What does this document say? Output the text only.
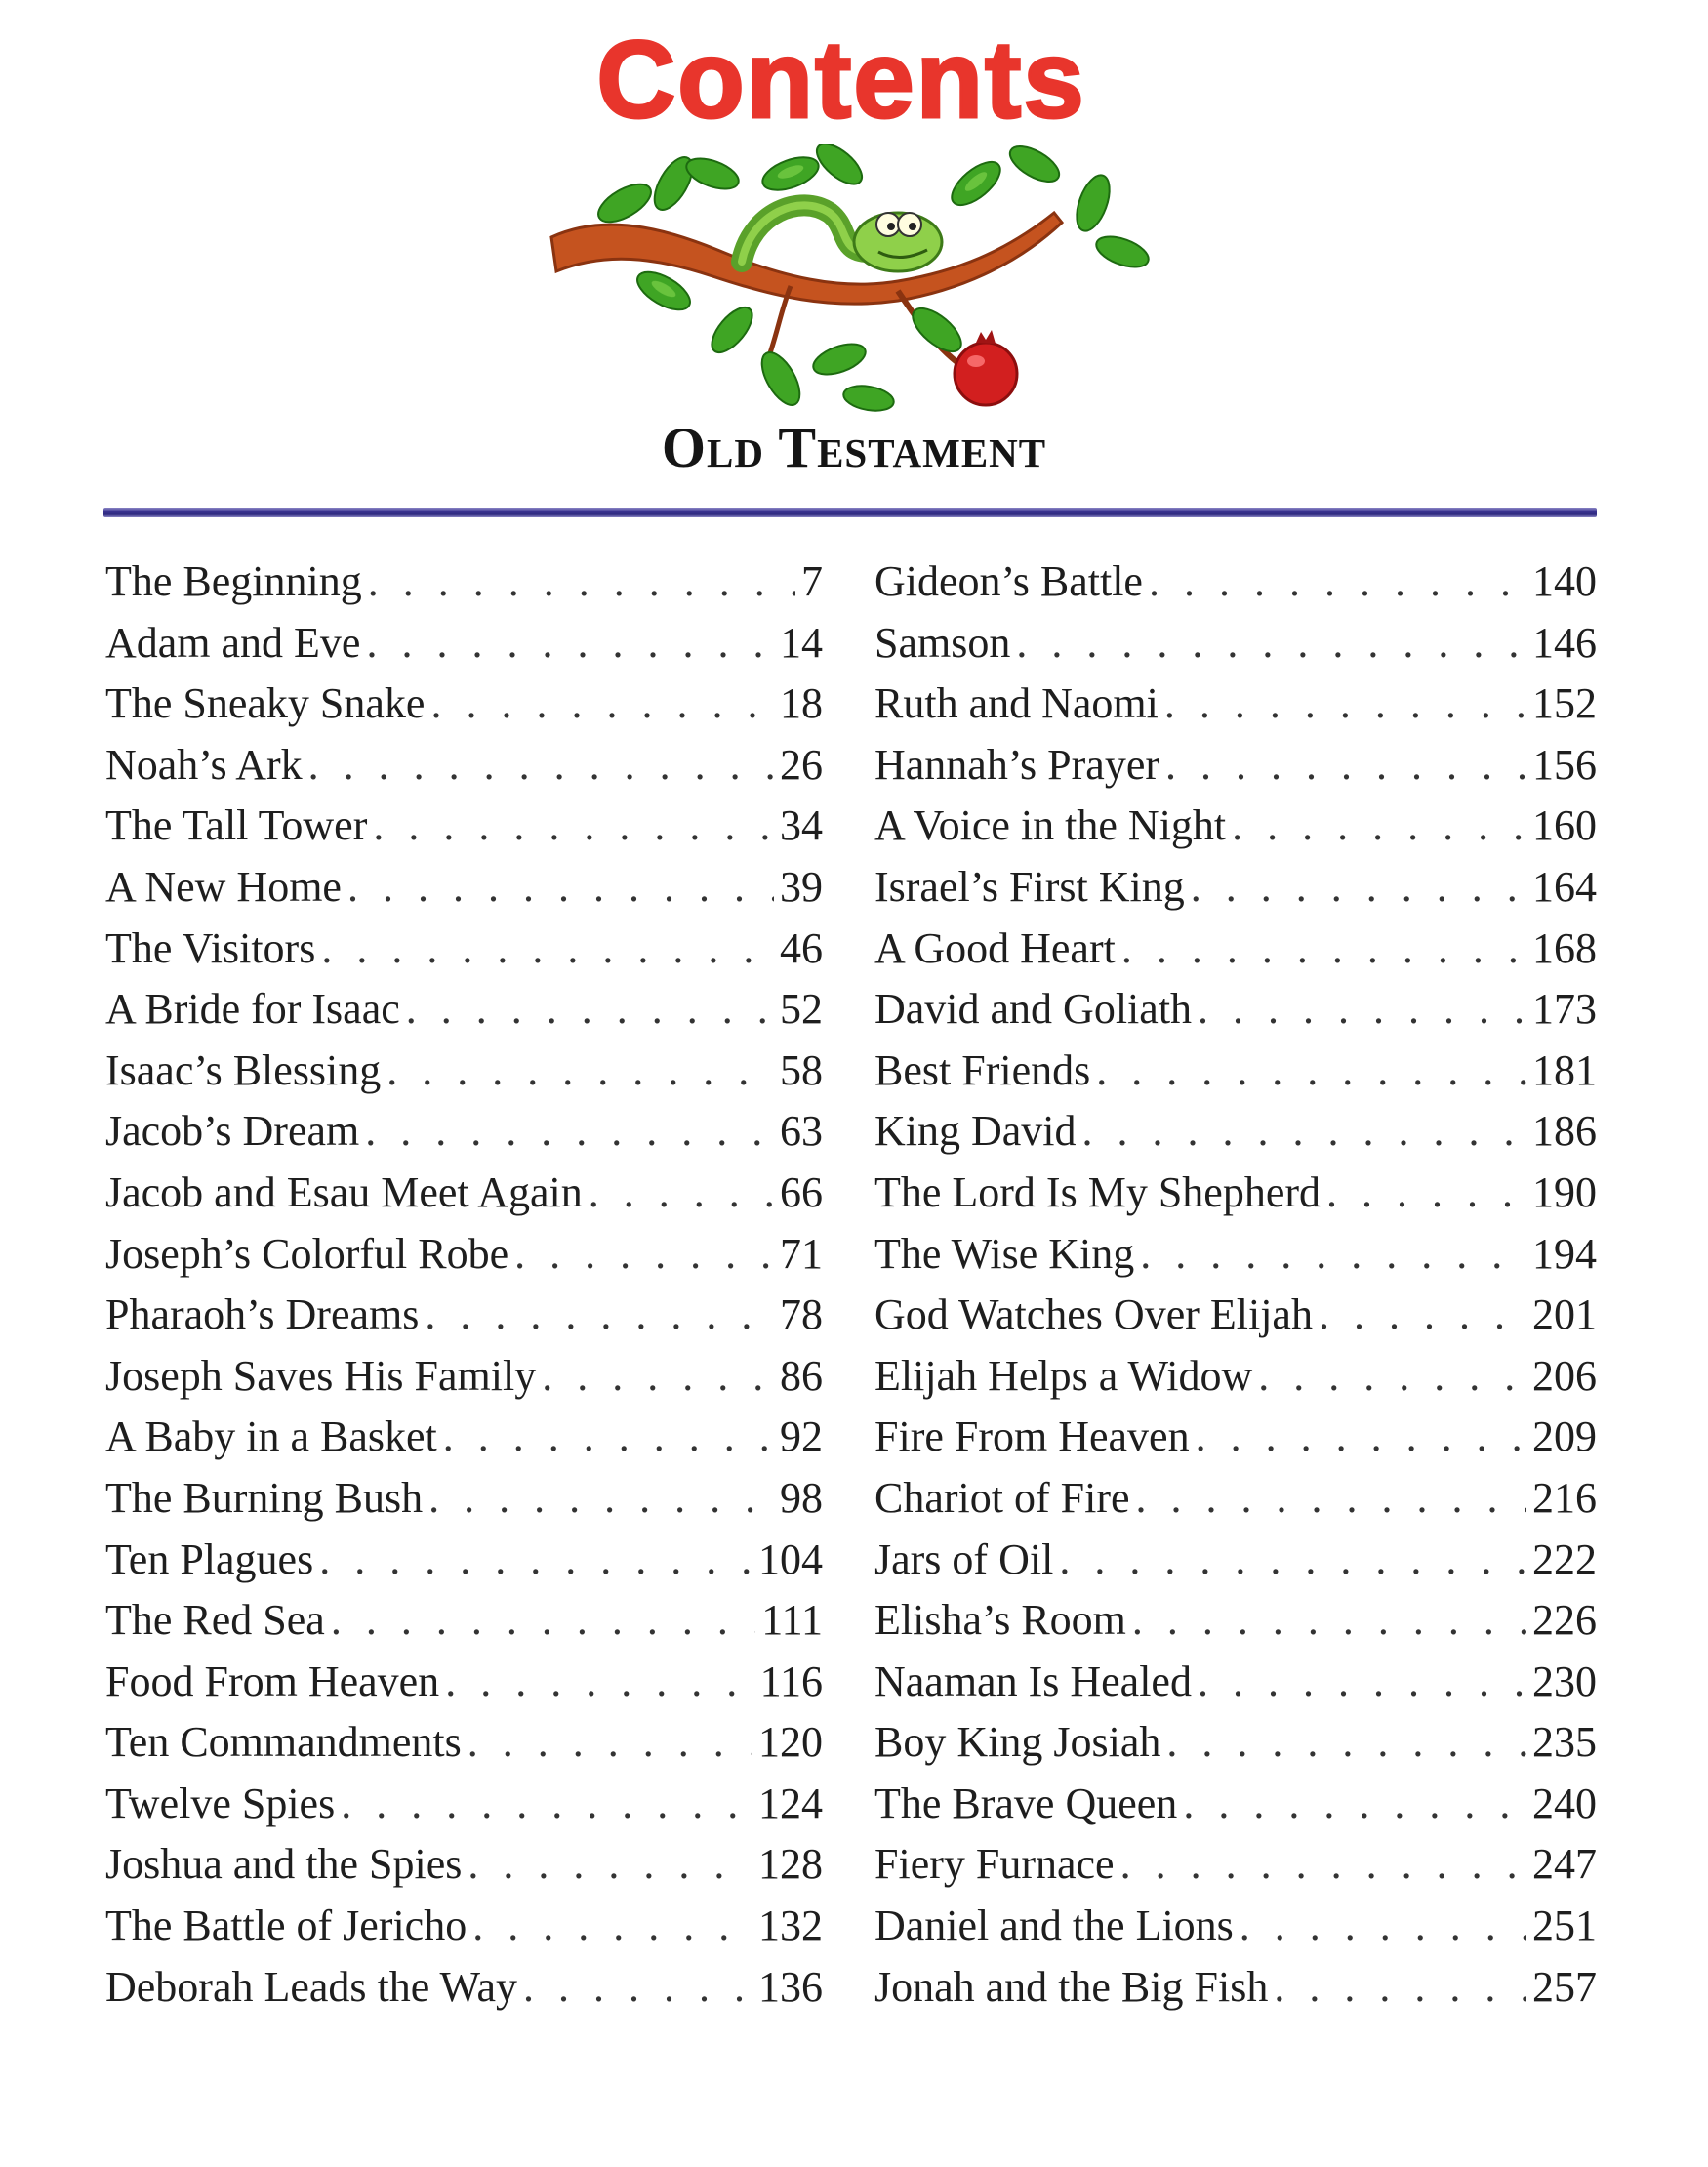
Contents
Old Testament
The Beginning . . .	7
Adam and Eve . . .	14
The Sneaky Snake . . .	18
Noah’s Ark . . .	26
The Tall Tower . . .	34
A New Home . . .	39
The Visitors . . .	46
A Bride for Isaac . . .	52
Isaac’s Blessing . . .	58
Jacob’s Dream . . .	63
Jacob and Esau Meet Again . . .	66
Joseph’s Colorful Robe . . .	71
Pharaoh’s Dreams . . .	78
Joseph Saves His Family . . .	86
A Baby in a Basket . . .	92
The Burning Bush . . .	98
Ten Plagues . . .	104
The Red Sea . . .	111
Food From Heaven . . .	116
Ten Commandments . . .	120
Twelve Spies . . .	124
Joshua and the Spies . . .	128
The Battle of Jericho . . .	132
Deborah Leads the Way . . .	136
Gideon’s Battle . . .	140
Samson . . .	146
Ruth and Naomi . . .	152
Hannah’s Prayer . . .	156
A Voice in the Night . . .	160
Israel’s First King . . .	164
A Good Heart . . .	168
David and Goliath . . .	173
Best Friends . . .	181
King David . . .	186
The Lord Is My Shepherd . . .	190
The Wise King . . .	194
God Watches Over Elijah . . .	201
Elijah Helps a Widow . . .	206
Fire From Heaven . . .	209
Chariot of Fire . . .	216
Jars of Oil . . .	222
Elisha’s Room . . .	226
Naaman Is Healed . . .	230
Boy King Josiah . . .	235
The Brave Queen . . .	240
Fiery Furnace . . .	247
Daniel and the Lions . . .	251
Jonah and the Big Fish . . .	257
